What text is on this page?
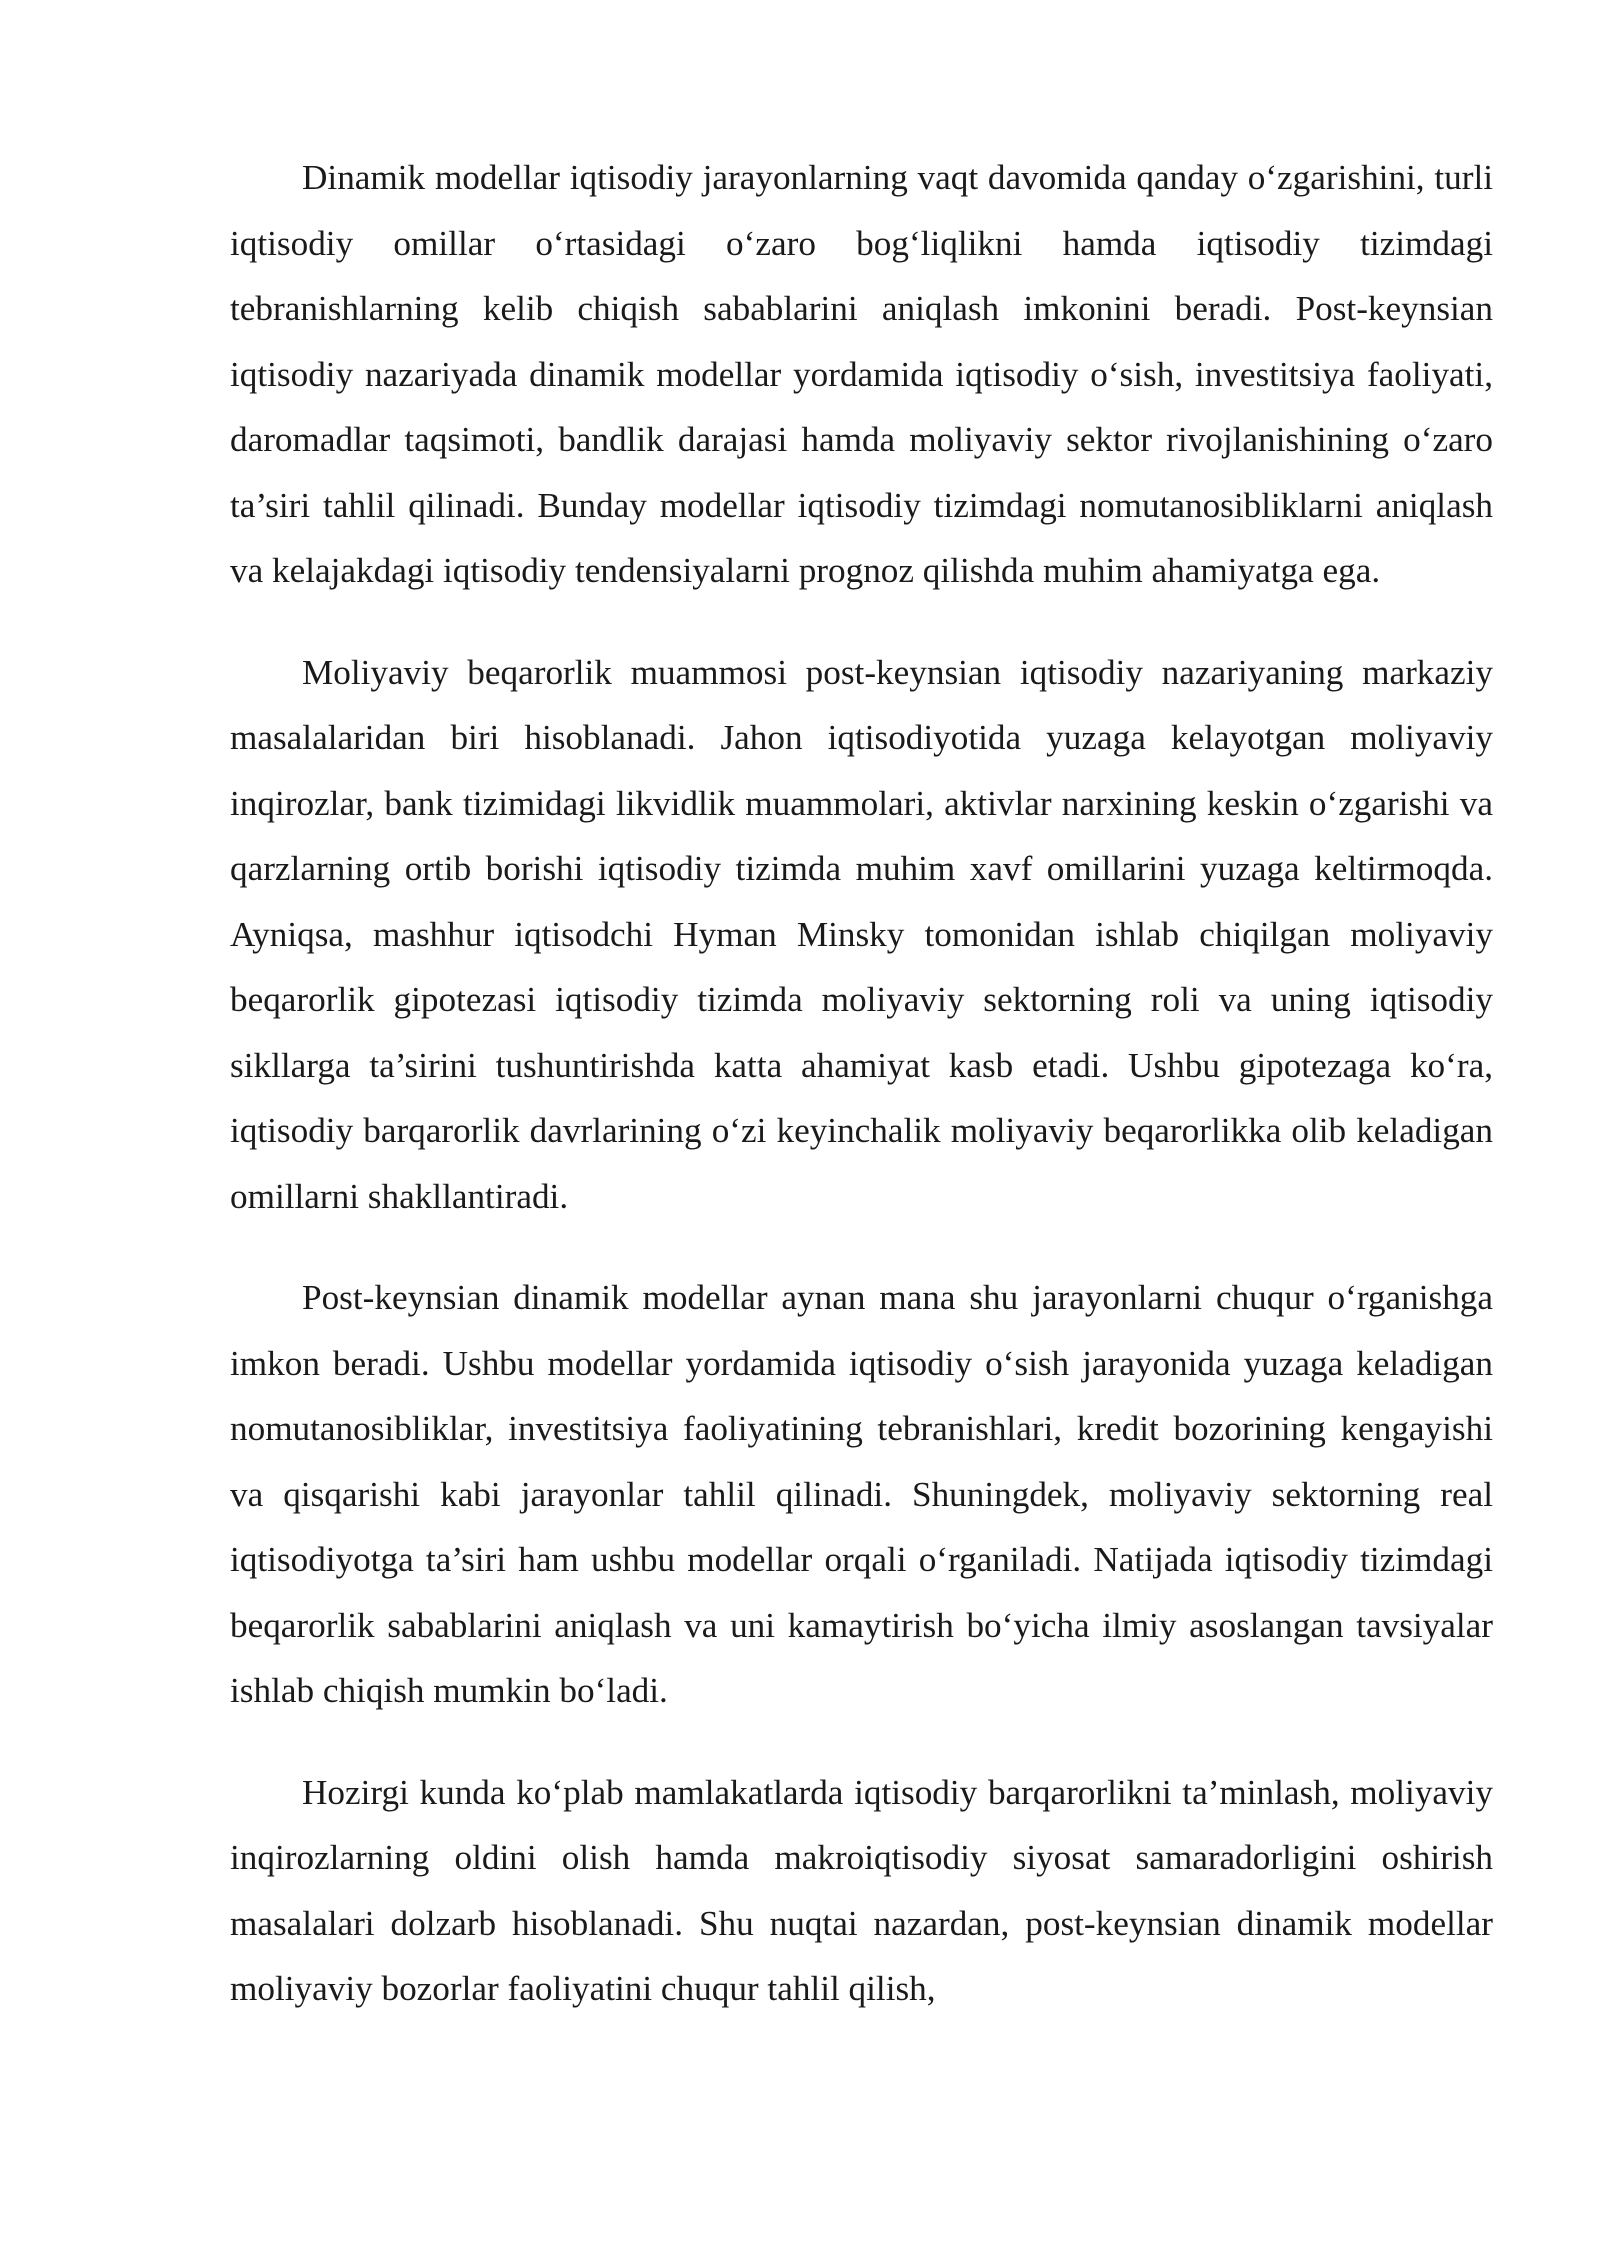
Dinamik modellar iqtisodiy jarayonlarning vaqt davomida qanday o‘zgarishini, turli iqtisodiy omillar o‘rtasidagi o‘zaro bog‘liqlikni hamda iqtisodiy tizimdagi tebranishlarning kelib chiqish sabablarini aniqlash imkonini beradi. Post-keynsian iqtisodiy nazariyada dinamik modellar yordamida iqtisodiy o‘sish, investitsiya faoliyati, daromadlar taqsimoti, bandlik darajasi hamda moliyaviy sektor rivojlanishining o‘zaro ta’siri tahlil qilinadi. Bunday modellar iqtisodiy tizimdagi nomutanosibliklarni aniqlash va kelajakdagi iqtisodiy tendensiyalarni prognoz qilishda muhim ahamiyatga ega.

Moliyaviy beqarorlik muammosi post-keynsian iqtisodiy nazariyaning markaziy masalalaridan biri hisoblanadi. Jahon iqtisodiyotida yuzaga kelayotgan moliyaviy inqirozlar, bank tizimidagi likvidlik muammolari, aktivlar narxining keskin o‘zgarishi va qarzlarning ortib borishi iqtisodiy tizimda muhim xavf omillarini yuzaga keltirmoqda. Ayniqsa, mashhur iqtisodchi Hyman Minsky tomonidan ishlab chiqilgan moliyaviy beqarorlik gipotezasi iqtisodiy tizimda moliyaviy sektorning roli va uning iqtisodiy sikllarga ta’sirini tushuntirishda katta ahamiyat kasb etadi. Ushbu gipotezaga ko‘ra, iqtisodiy barqarorlik davrlarining o‘zi keyinchalik moliyaviy beqarorlikka olib keladigan omillarni shakllantiradi.

Post-keynsian dinamik modellar aynan mana shu jarayonlarni chuqur o‘rganishga imkon beradi. Ushbu modellar yordamida iqtisodiy o‘sish jarayonida yuzaga keladigan nomutanosibliklar, investitsiya faoliyatining tebranishlari, kredit bozorining kengayishi va qisqarishi kabi jarayonlar tahlil qilinadi. Shuningdek, moliyaviy sektorning real iqtisodiyotga ta’siri ham ushbu modellar orqali o‘rganiladi. Natijada iqtisodiy tizimdagi beqarorlik sabablarini aniqlash va uni kamaytirish bo‘yicha ilmiy asoslangan tavsiyalar ishlab chiqish mumkin bo‘ladi.

Hozirgi kunda ko‘plab mamlakatlarda iqtisodiy barqarorlikni ta’minlash, moliyaviy inqirozlarning oldini olish hamda makroiqtisodiy siyosat samaradorligini oshirish masalalari dolzarb hisoblanadi. Shu nuqtai nazardan, post-keynsian dinamik modellar moliyaviy bozorlar faoliyatini chuqur tahlil qilish,
